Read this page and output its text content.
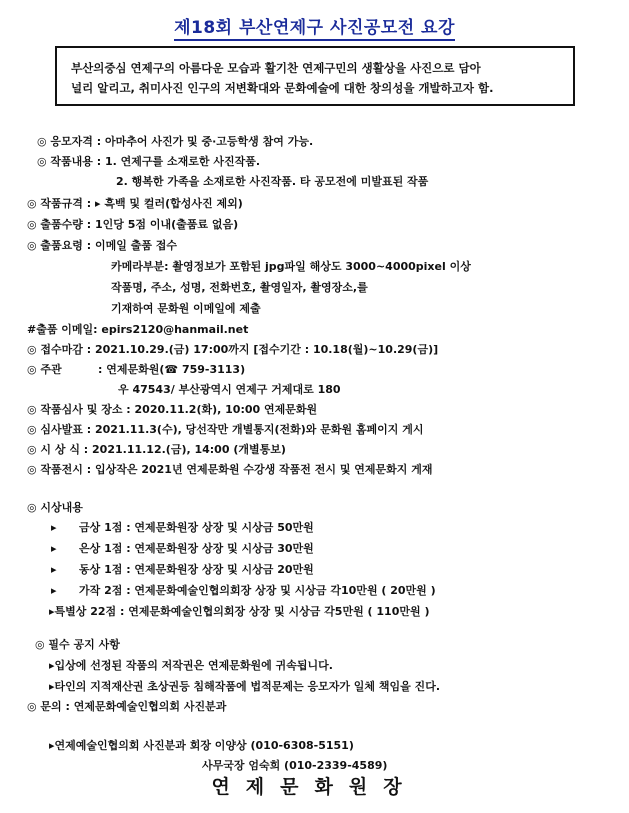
제18회 부산연제구 사진공모전 요강
부산의중심 연제구의 아름다운 모습과 활기찬 연제구민의 생활상을 사진으로 담아
널리 알리고, 취미사진 인구의 저변확대와 문화예술에 대한 창의성을 개발하고자 함.
◎ 응모자격 : 아마추어 사진가 및 중·고등학생 참여 가능.
◎ 작품내용 : 1. 연제구를 소재로한 사진작품.
2. 행복한 가족을 소재로한 사진작품. 타 공모전에 미발표된 작품
◎ 작품규격 : ▸ 흑백 및 컬러(합성사진 제외)
◎ 출품수량 : 1인당 5점 이내(출품료 없음)
◎ 출품요령 : 이메일 출품 접수
카메라부분: 촬영정보가 포함된 jpg파일 해상도 3000~4000pixel 이상
작품명, 주소, 성명, 전화번호, 촬영일자, 촬영장소,를
기재하여 문화원 이메일에 제출
#출품 이메일: epirs2120@hanmail.net
◎ 접수마감 : 2021.10.29.(금) 17:00까지 [접수기간 : 10.18(월)~10.29(금)]
◎ 주관	: 연제문화원(☎ 759-3113)
우 47543/ 부산광역시 연제구 거제대로 180
◎ 작품심사 및 장소 : 2020.11.2(화), 10:00 연제문화원
◎ 심사발표 : 2021.11.3(수), 당선작만 개별통지(전화)와 문화원 홈페이지 게시
◎ 시 상 식 : 2021.11.12.(금), 14:00 (개별통보)
◎ 작품전시 : 입상작은 2021년 연제문화원 수강생 작품전 전시 및 연제문화지 게재
◎ 시상내용
▸ 금상 1점 : 연제문화원장 상장 및 시상금 50만원
▸ 은상 1점 : 연제문화원장 상장 및 시상금 30만원
▸ 동상 1점 : 연제문화원장 상장 및 시상금 20만원
▸ 가작 2점 : 연제문화예술인협의회장 상장 및 시상금 각10만원 ( 20만원 )
▸특별상 22점 : 연제문화예술인협의회장 상장 및 시상금 각5만원 ( 110만원 )
◎ 필수 공지 사항
▸입상에 선정된 작품의 저작권은 연제문화원에 귀속됩니다.
▸타인의 지적재산권 초상권등 침해작품에 법적문제는 응모자가 일체 책임을 진다.
◎ 문의 : 연제문화예술인협의회 사진분과
▸연제예술인협의회 사진분과 회장 이양상 (010-6308-5151)
사무국장 엄숙희 (010-2339-4589)
연제문화원장
